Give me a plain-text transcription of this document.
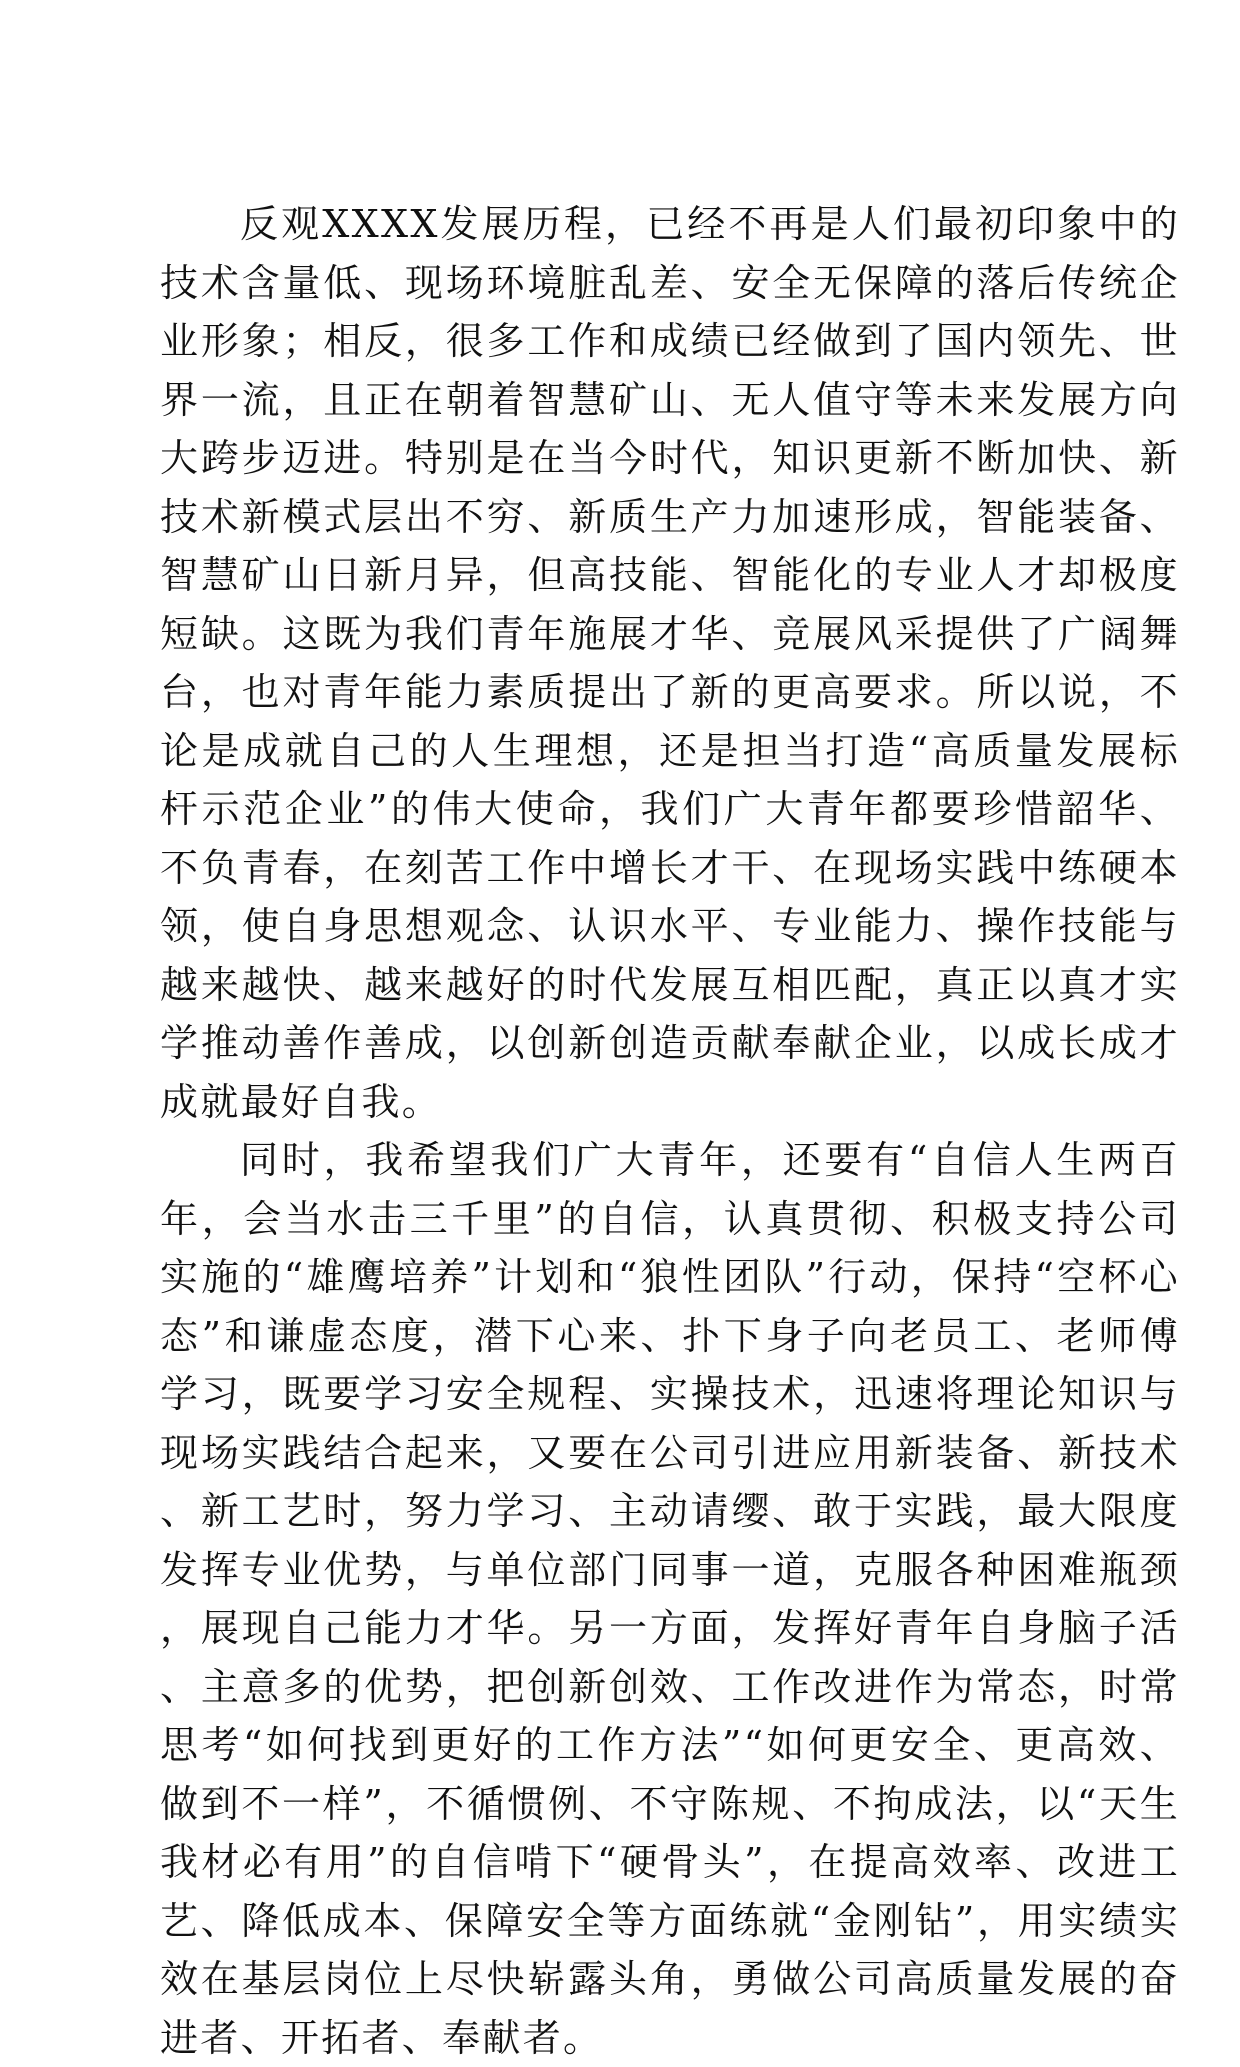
反观XXXX发展历程，已经不再是人们最初印象中的技术含量低、现场环境脏乱差、安全无保障的落后传统企业形象；相反，很多工作和成绩已经做到了国内领先、世界一流，且正在朝着智慧矿山、无人值守等未来发展方向大跨步迈进。特别是在当今时代，知识更新不断加快、新技术新模式层出不穷、新质生产力加速形成，智能装备、智慧矿山日新月异，但高技能、智能化的专业人才却极度短缺。这既为我们青年施展才华、竞展风采提供了广阔舞台，也对青年能力素质提出了新的更高要求。所以说，不论是成就自己的人生理想，还是担当打造“高质量发展标杆示范企业”的伟大使命，我们广大青年都要珍惜韶华、不负青春，在刻苦工作中增长才干、在现场实践中练硬本领，使自身思想观念、认识水平、专业能力、操作技能与越来越快、越来越好的时代发展互相匹配，真正以真才实学推动善作善成，以创新创造贡献奉献企业，以成长成才成就最好自我。

同时，我希望我们广大青年，还要有“自信人生两百年，会当水击三千里”的自信，认真贯彻、积极支持公司实施的“雄鹰培养”计划和“狼性团队”行动，保持“空杯心态”和谦虚态度，潜下心来、扑下身子向老员工、老师傅学习，既要学习安全规程、实操技术，迅速将理论知识与现场实践结合起来，又要在公司引进应用新装备、新技术、新工艺时，努力学习、主动请缨、敢于实践，最大限度发挥专业优势，与单位部门同事一道，克服各种困难瓶颈，展现自己能力才华。另一方面，发挥好青年自身脑子活、主意多的优势，把创新创效、工作改进作为常态，时常思考“如何找到更好的工作方法”“如何更安全、更高效、做到不一样”，不循惯例、不守陈规、不拘成法，以“天生我材必有用”的自信啃下“硬骨头”，在提高效率、改进工艺、降低成本、保障安全等方面练就“金刚钻”，用实绩实效在基层岗位上尽快崭露头角，勇做公司高质量发展的奋进者、开拓者、奉献者。
